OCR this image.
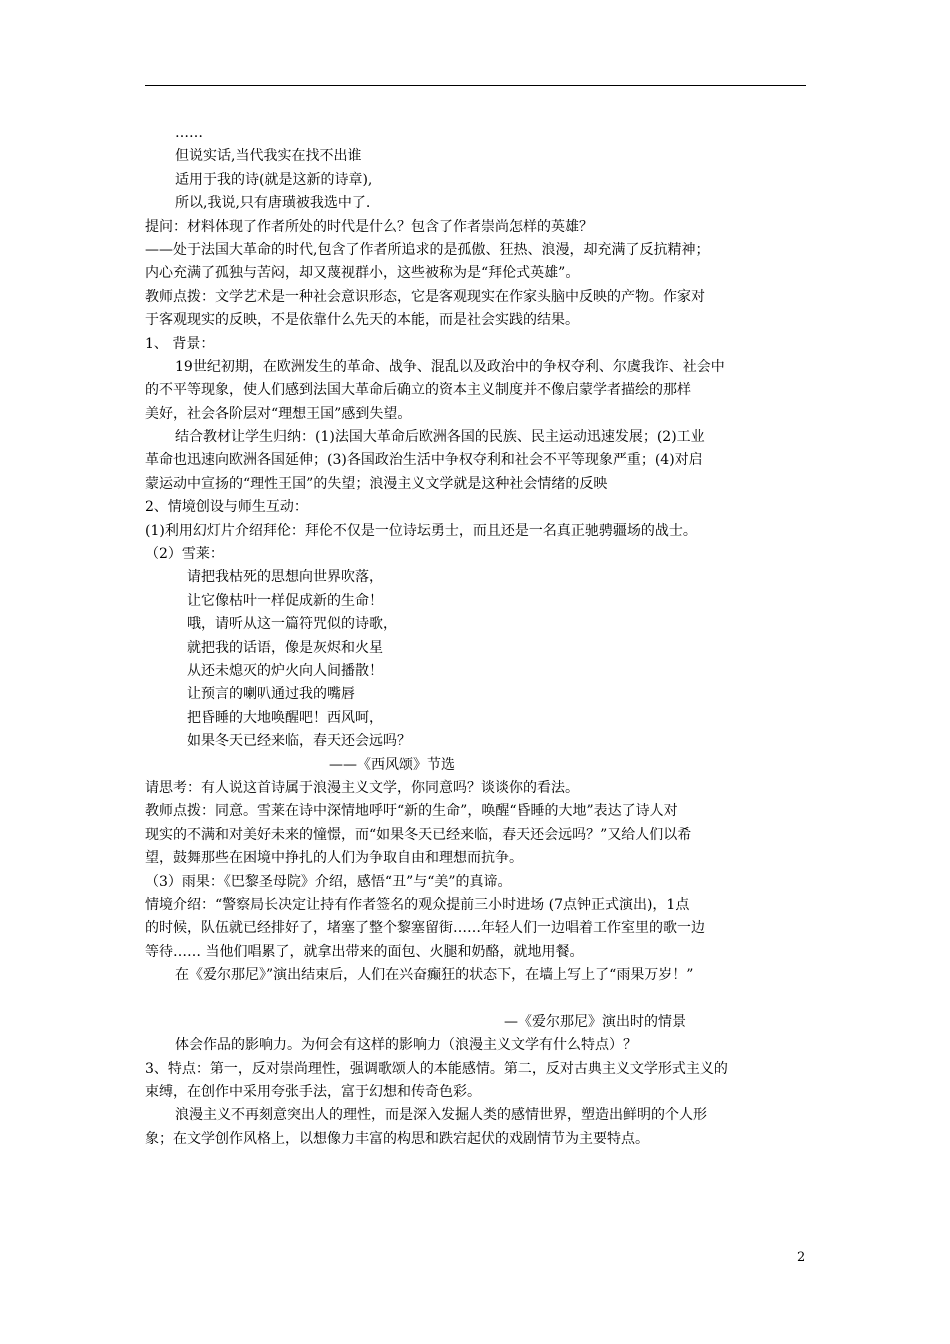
……
但说实话,当代我实在找不出谁
适用于我的诗(就是这新的诗章),
所以,我说,只有唐璜被我选中了.
提问：材料体现了作者所处的时代是什么？包含了作者崇尚怎样的英雄？
——处于法国大革命的时代,包含了作者所追求的是孤傲、狂热、浪漫，却充满了反抗精神；
内心充满了孤独与苦闷，却又蔑视群小，这些被称为是“拜伦式英雄”。
教师点拨：文学艺术是一种社会意识形态，它是客观现实在作家头脑中反映的产物。作家对
于客观现实的反映，不是依靠什么先天的本能，而是社会实践的结果。
1、 背景：
19世纪初期，在欧洲发生的革命、战争、混乱以及政治中的争权夺利、尔虞我诈、社会中
的不平等现象，使人们感到法国大革命后确立的资本主义制度并不像启蒙学者描绘的那样
美好，社会各阶层对“理想王国”感到失望。
结合教材让学生归纳：(1)法国大革命后欧洲各国的民族、民主运动迅速发展；(2)工业
革命也迅速向欧洲各国延伸；(3)各国政治生活中争权夺利和社会不平等现象严重；(4)对启
蒙运动中宣扬的“理性王国”的失望；浪漫主义文学就是这种社会情绪的反映
2、情境创设与师生互动：
(1)利用幻灯片介绍拜伦：拜伦不仅是一位诗坛勇士，而且还是一名真正驰骋疆场的战士。
（2）雪莱：
请把我枯死的思想向世界吹落，
让它像枯叶一样促成新的生命！
哦，请听从这一篇符咒似的诗歌，
就把我的话语，像是灰烬和火星
从还未熄灭的炉火向人间播散！
让预言的喇叭通过我的嘴唇
把昏睡的大地唤醒吧！西风呵，
如果冬天已经来临，春天还会远吗？
——《西风颂》节选
请思考：有人说这首诗属于浪漫主义文学，你同意吗？谈谈你的看法。
教师点拨：同意。雪莱在诗中深情地呼吁“新的生命”，唤醒“昏睡的大地”表达了诗人对
现实的不满和对美好未来的憧憬，而“如果冬天已经来临，春天还会远吗？”又给人们以希
望，鼓舞那些在困境中挣扎的人们为争取自由和理想而抗争。
（3）雨果：《巴黎圣母院》介绍，感悟“丑”与“美”的真谛。
情境介绍：“警察局长决定让持有作者签名的观众提前三小时进场 (7点钟正式演出)，1点
的时候，队伍就已经排好了，堵塞了整个黎塞留街……年轻人们一边唱着工作室里的歌一边
等待…… 当他们唱累了，就拿出带来的面包、火腿和奶酪，就地用餐。
在《爱尔那尼》”演出结束后，人们在兴奋癫狂的状态下，在墙上写上了“雨果万岁！”
—《爱尔那尼》演出时的情景
体会作品的影响力。为何会有这样的影响力（浪漫主义文学有什么特点）？
3、特点：第一，反对崇尚理性，强调歌颂人的本能感情。第二，反对古典主义文学形式主义的
束缚，在创作中采用夸张手法，富于幻想和传奇色彩。
浪漫主义不再刻意突出人的理性，而是深入发掘人类的感情世界，塑造出鲜明的个人形
象；在文学创作风格上，以想像力丰富的构思和跌宕起伏的戏剧情节为主要特点。
2
